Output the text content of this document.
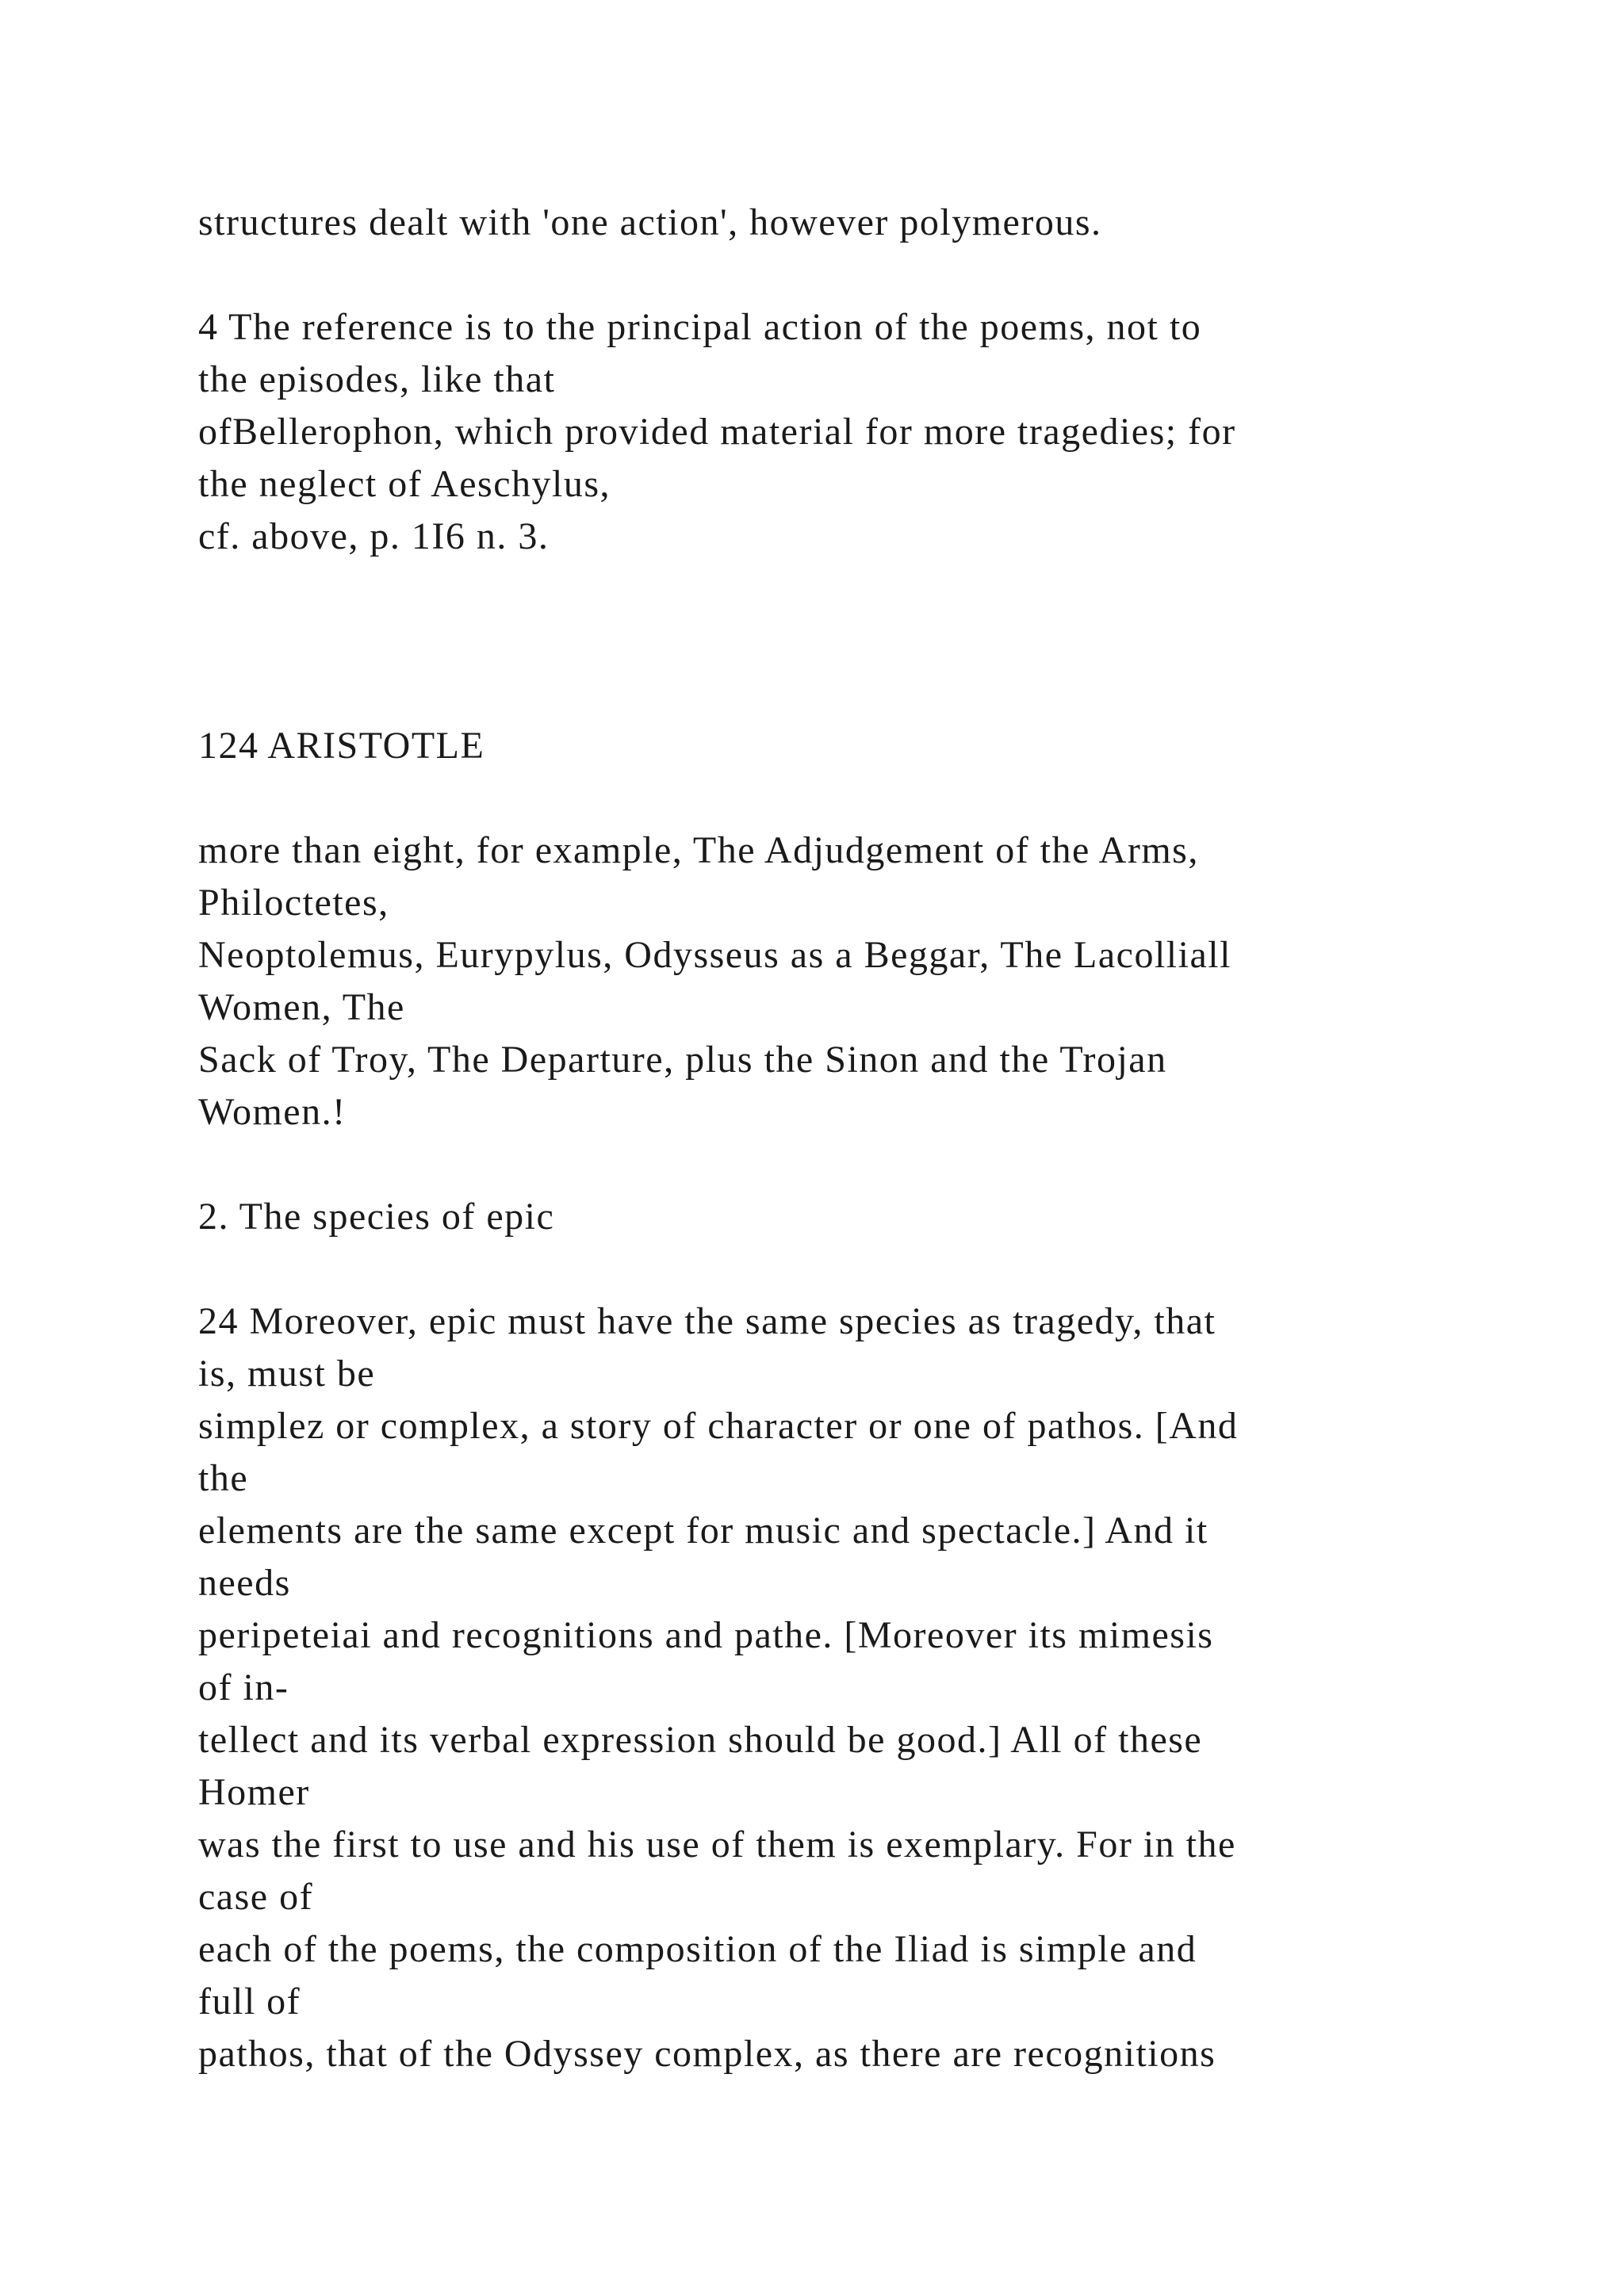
structures dealt with 'one action', however polymerous.
4 The reference is to the principal action of the poems, not to
the episodes, like that
ofBellerophon, which provided material for more tragedies; for
the neglect of Aeschylus,
cf. above, p. 1I6 n. 3.
124 ARISTOTLE
more than eight, for example, The Adjudgement of the Arms,
Philoctetes,
Neoptolemus, Eurypylus, Odysseus as a Beggar, The Lacolliall
Women, The
Sack of Troy, The Departure, plus the Sinon and the Trojan
Women.!
2. The species of epic
24 Moreover, epic must have the same species as tragedy, that
is, must be
simplez or complex, a story of character or one of pathos. [And
the
elements are the same except for music and spectacle.] And it
needs
peripeteiai and recognitions and pathe. [Moreover its mimesis
of in-
tellect and its verbal expression should be good.] All of these
Homer
was the first to use and his use of them is exemplary. For in the
case of
each of the poems, the composition of the Iliad is simple and
full of
pathos, that of the Odyssey complex, as there are recognitions
